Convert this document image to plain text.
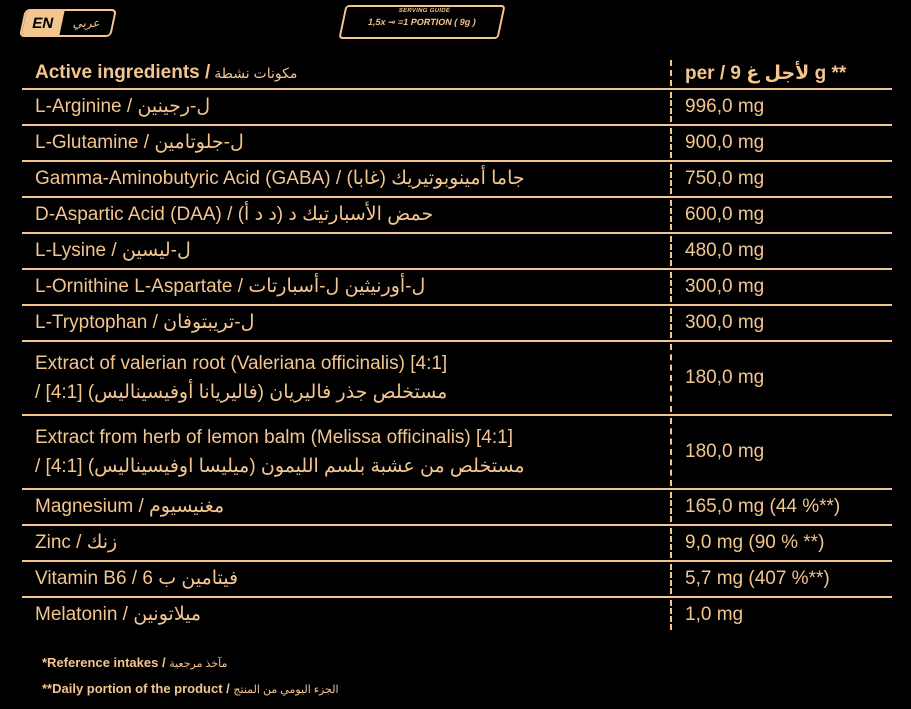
EN	عربي
SERVING GUIDE
1,5x ⊸ =1 PORTION ( 9g )
Active ingredients / مكونات نشطة	per / لأجل غ 9 g **
L-Arginine / ل-رجينين	996,0 mg
L-Glutamine / ل-جلوتامين	900,0 mg
Gamma-Aminobutyric Acid (GABA) / جاما أمينوبوتيريك (غابا)	750,0 mg
D-Aspartic Acid (DAA) / حمض الأسبارتيك د (د د أ)	600,0 mg
L-Lysine / ل-ليسين	480,0 mg
L-Ornithine L-Aspartate / ل-أورنيثين ل-أسبارتات	300,0 mg
L-Tryptophan / ل-تريبتوفان	300,0 mg
Extract of valerian root (Valeriana officinalis) [4:1]
/ [4:1] مستخلص جذر فاليريان (فاليريانا أوفيسيناليس)
180,0 mg
Extract from herb of lemon balm (Melissa officinalis) [4:1]
/ [4:1] مستخلص من عشبة بلسم الليمون (ميليسا اوفيسيناليس)
180,0 mg
Magnesium / مغنيسيوم	165,0 mg (44 %**)
Zinc / زنك	9,0 mg (90 % **)
Vitamin B6 / فيتامين ب 6	5,7 mg (407 %**)
Melatonin / ميلاتونين	1,0 mg
*Reference intakes / مآخذ مرجعية
**Daily portion of the product / الجزء اليومي من المنتج
